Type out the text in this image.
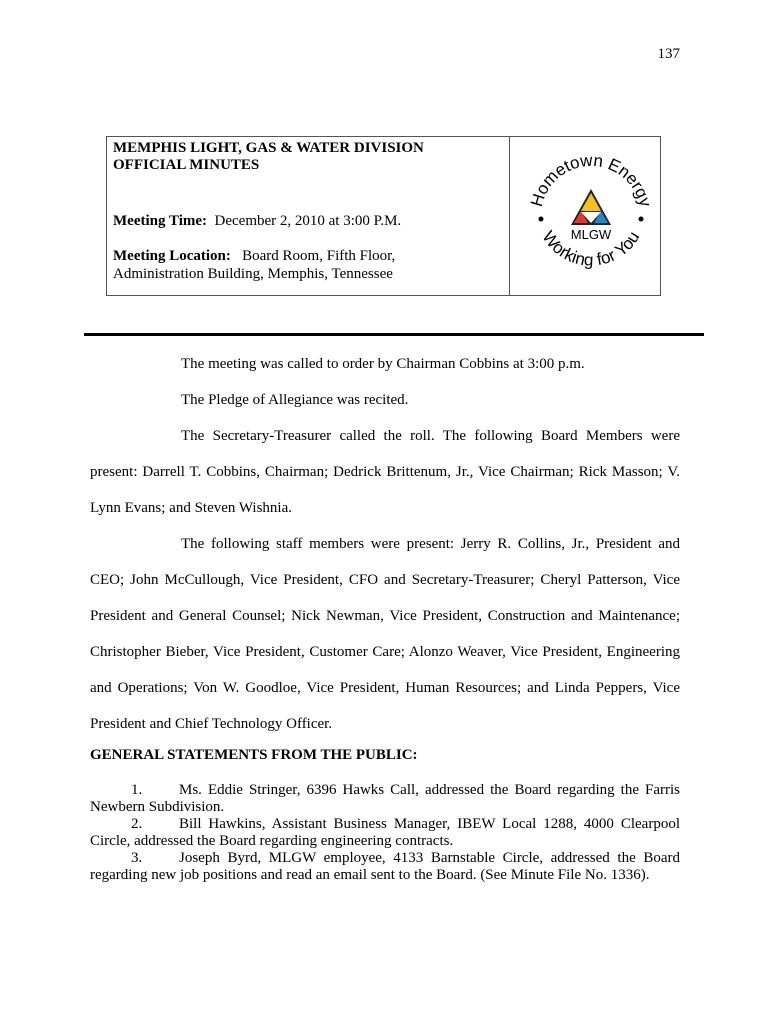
137
MEMPHIS LIGHT, GAS & WATER DIVISION
OFFICIAL MINUTES
Meeting Time: December 2, 2010 at 3:00 P.M.
Meeting Location: Board Room, Fifth Floor,
Administration Building, Memphis, Tennessee
Hometown Energy
Working for You
MLGW

The meeting was called to order by Chairman Cobbins at 3:00 p.m.

The Pledge of Allegiance was recited.

The Secretary-Treasurer called the roll. The following Board Members were present: Darrell T. Cobbins, Chairman; Dedrick Brittenum, Jr., Vice Chairman; Rick Masson; V. Lynn Evans; and Steven Wishnia.

The following staff members were present: Jerry R. Collins, Jr., President and CEO; John McCullough, Vice President, CFO and Secretary-Treasurer; Cheryl Patterson, Vice President and General Counsel; Nick Newman, Vice President, Construction and Maintenance; Christopher Bieber, Vice President, Customer Care; Alonzo Weaver, Vice President, Engineering and Operations; Von W. Goodloe, Vice President, Human Resources; and Linda Peppers, Vice President and Chief Technology Officer.

GENERAL STATEMENTS FROM THE PUBLIC:

1. Ms. Eddie Stringer, 6396 Hawks Call, addressed the Board regarding the Farris Newbern Subdivision.

2. Bill Hawkins, Assistant Business Manager, IBEW Local 1288, 4000 Clearpool Circle, addressed the Board regarding engineering contracts.

3. Joseph Byrd, MLGW employee, 4133 Barnstable Circle, addressed the Board regarding new job positions and read an email sent to the Board. (See Minute File No. 1336).
